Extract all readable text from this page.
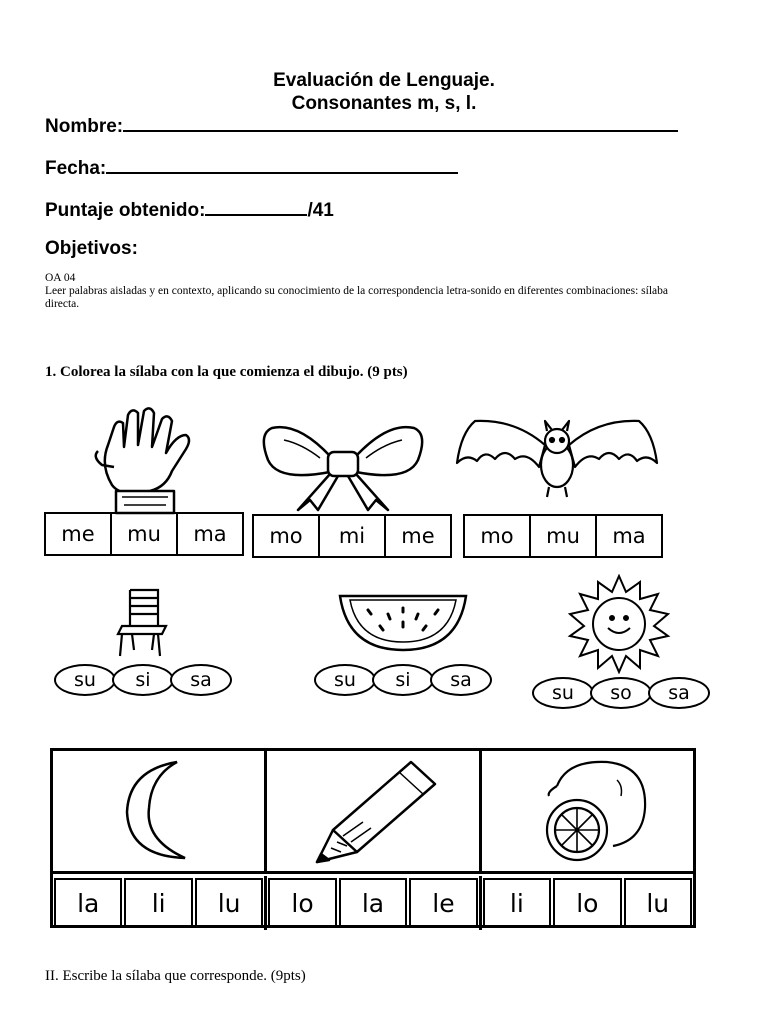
Evaluación de Lenguaje.
Consonantes m, s, l.
Nombre:
Fecha:
Puntaje obtenido:	/41
Objetivos:
OA 04
Leer palabras aisladas y en contexto, aplicando su conocimiento de la correspondencia letra-sonido en diferentes combinaciones: sílaba directa.
1. Colorea la sílaba con la que comienza el dibujo. (9 pts)
me	mu	ma	mo	mi	me	mo	mu	ma
su	si	sa	su	si	sa
su	so	sa
la	li	lu	lo	la	le	li	lo	lu
II. Escribe la sílaba que corresponde. (9pts)
